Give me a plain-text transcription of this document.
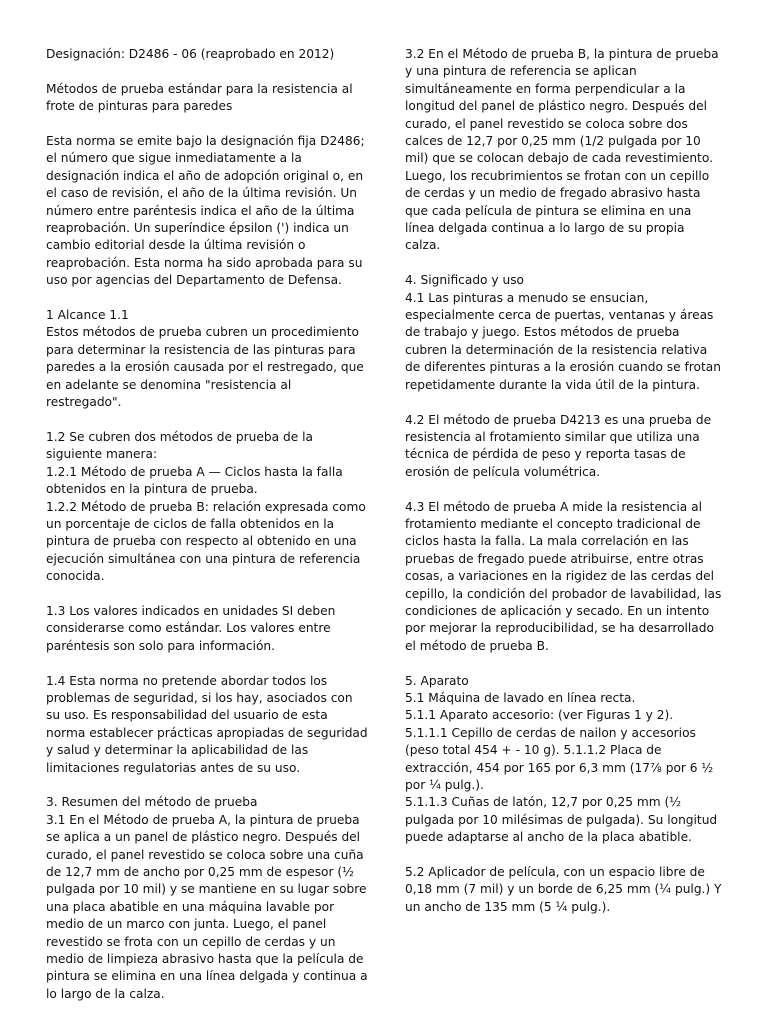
Designación: D2486 - 06 (reaprobado en 2012)

Métodos de prueba estándar para la resistencia al frote de pinturas para paredes

Esta norma se emite bajo la designación fija D2486; el número que sigue inmediatamente a la designación indica el año de adopción original o, en el caso de revisión, el año de la última revisión. Un número entre paréntesis indica el año de la última reaprobación. Un superíndice épsilon (') indica un cambio editorial desde la última revisión o reaprobación. Esta norma ha sido aprobada para su uso por agencias del Departamento de Defensa.

1 Alcance 1.1
Estos métodos de prueba cubren un procedimiento para determinar la resistencia de las pinturas para paredes a la erosión causada por el restregado, que en adelante se denomina "resistencia al restregado".

1.2 Se cubren dos métodos de prueba de la siguiente manera:
1.2.1 Método de prueba A — Ciclos hasta la falla obtenidos en la pintura de prueba.
1.2.2 Método de prueba B: relación expresada como un porcentaje de ciclos de falla obtenidos en la pintura de prueba con respecto al obtenido en una ejecución simultánea con una pintura de referencia conocida.

1.3 Los valores indicados en unidades SI deben considerarse como estándar. Los valores entre paréntesis son solo para información.

1.4 Esta norma no pretende abordar todos los problemas de seguridad, si los hay, asociados con su uso. Es responsabilidad del usuario de esta norma establecer prácticas apropiadas de seguridad y salud y determinar la aplicabilidad de las limitaciones regulatorias antes de su uso.

3. Resumen del método de prueba
3.1 En el Método de prueba A, la pintura de prueba se aplica a un panel de plástico negro. Después del curado, el panel revestido se coloca sobre una cuña de 12,7 mm de ancho por 0,25 mm de espesor (½ pulgada por 10 mil) y se mantiene en su lugar sobre una placa abatible en una máquina lavable por medio de un marco con junta. Luego, el panel revestido se frota con un cepillo de cerdas y un medio de limpieza abrasivo hasta que la película de pintura se elimina en una línea delgada y continua a lo largo de la calza.

3.2 En el Método de prueba B, la pintura de prueba y una pintura de referencia se aplican simultáneamente en forma perpendicular a la longitud del panel de plástico negro. Después del curado, el panel revestido se coloca sobre dos calces de 12,7 por 0,25 mm (1/2 pulgada por 10 mil) que se colocan debajo de cada revestimiento. Luego, los recubrimientos se frotan con un cepillo de cerdas y un medio de fregado abrasivo hasta que cada película de pintura se elimina en una línea delgada continua a lo largo de su propia calza.

4. Significado y uso
4.1 Las pinturas a menudo se ensucian, especialmente cerca de puertas, ventanas y áreas de trabajo y juego. Estos métodos de prueba cubren la determinación de la resistencia relativa de diferentes pinturas a la erosión cuando se frotan repetidamente durante la vida útil de la pintura.

4.2 El método de prueba D4213 es una prueba de resistencia al frotamiento similar que utiliza una técnica de pérdida de peso y reporta tasas de erosión de película volumétrica.

4.3 El método de prueba A mide la resistencia al frotamiento mediante el concepto tradicional de ciclos hasta la falla. La mala correlación en las pruebas de fregado puede atribuirse, entre otras cosas, a variaciones en la rigidez de las cerdas del cepillo, la condición del probador de lavabilidad, las condiciones de aplicación y secado. En un intento por mejorar la reproducibilidad, se ha desarrollado el método de prueba B.

5. Aparato
5.1 Máquina de lavado en línea recta.
5.1.1 Aparato accesorio: (ver Figuras 1 y 2).
5.1.1.1 Cepillo de cerdas de nailon y accesorios (peso total 454 + - 10 g). 5.1.1.2 Placa de extracción, 454 por 165 por 6,3 mm (17⅞ por 6 ½ por ¼ pulg.).
5.1.1.3 Cuñas de latón, 12,7 por 0,25 mm (½ pulgada por 10 milésimas de pulgada). Su longitud puede adaptarse al ancho de la placa abatible.

5.2 Aplicador de película, con un espacio libre de 0,18 mm (7 mil) y un borde de 6,25 mm (¼ pulg.) Y un ancho de 135 mm (5 ¼ pulg.).
